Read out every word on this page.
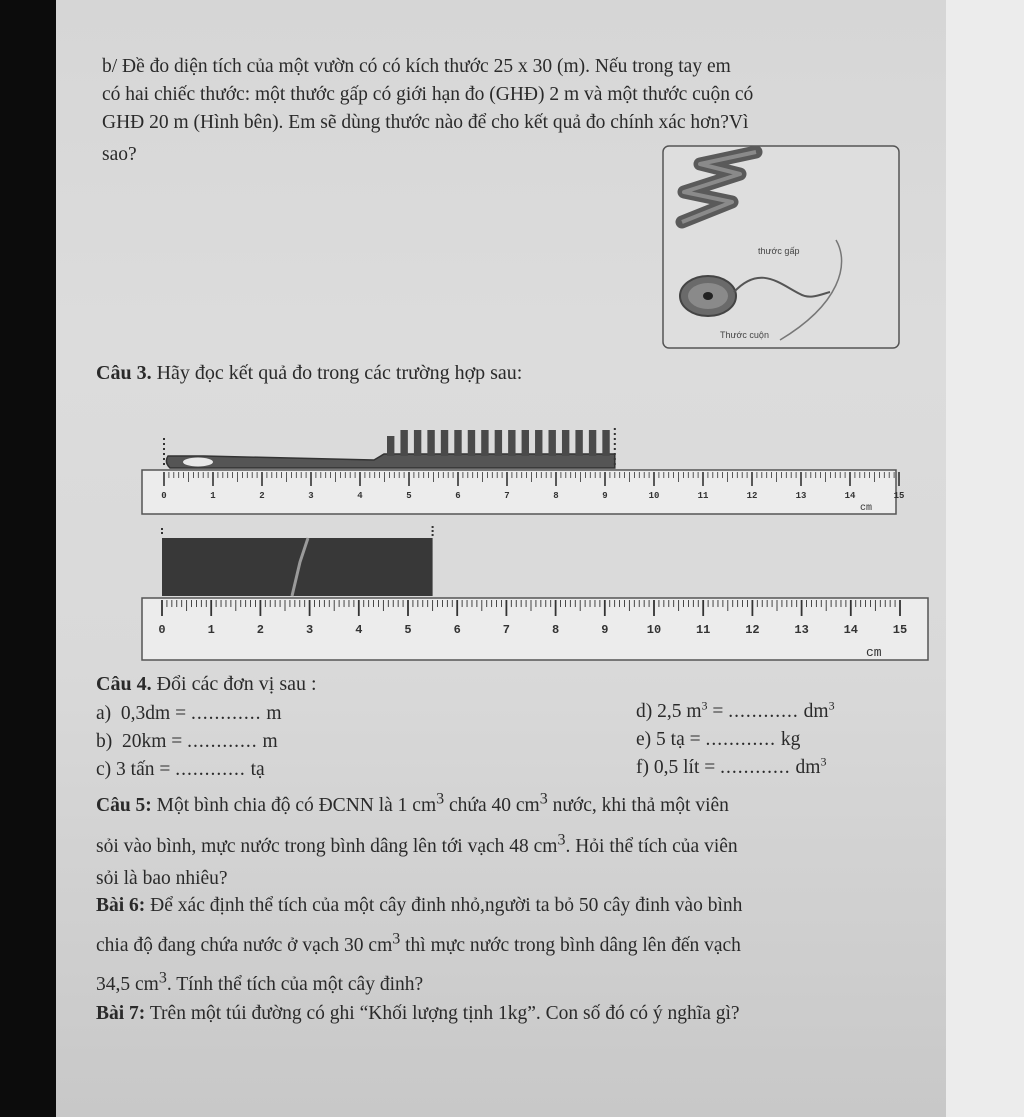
b/ Đề đo diện tích của một vườn có có kích thước 25 x 30 (m). Nếu trong tay em
có hai chiếc thước: một thước gấp có giới hạn đo (GHĐ) 2 m và một thước cuộn có
GHĐ 20 m (Hình bên). Em sẽ dùng thước nào để cho kết quả đo chính xác hơn?Vì
sao?
thước gấp
Thước cuộn
Câu 3. Hãy đọc kết quả đo trong các trường hợp sau:
0	1	2	3	4	5	6	7	8	9	10	11	12	13	14	15
cm
0	1	2	3	4	5	6	7	8	9	10	11	12	13	14	15
cm
Câu 4. Đổi các đơn vị sau :
a) 0,3dm = ............ m
b) 20km = ............ m
c) 3 tấn = ............ tạ
d) 2,5 $m^3$ = ............ $dm^3$
e) 5 tạ = ............ kg
f) 0,5 lít = ............ $dm^3$
Câu 5: Một bình chia độ có ĐCNN là 1 $cm^3$ chứa 40 $cm^3$ nước, khi thả một viên
sỏi vào bình, mực nước trong bình dâng lên tới vạch 48 $cm^3$. Hỏi thể tích của viên
sỏi là bao nhiêu?
Bài 6: Để xác định thể tích của một cây đinh nhỏ,người ta bỏ 50 cây đinh vào bình
chia độ đang chứa nước ở vạch 30 $cm^3$ thì mực nước trong bình dâng lên đến vạch
34,5 $cm^3$. Tính thể tích của một cây đinh?
Bài 7: Trên một túi đường có ghi “Khối lượng tịnh 1kg”. Con số đó có ý nghĩa gì?
